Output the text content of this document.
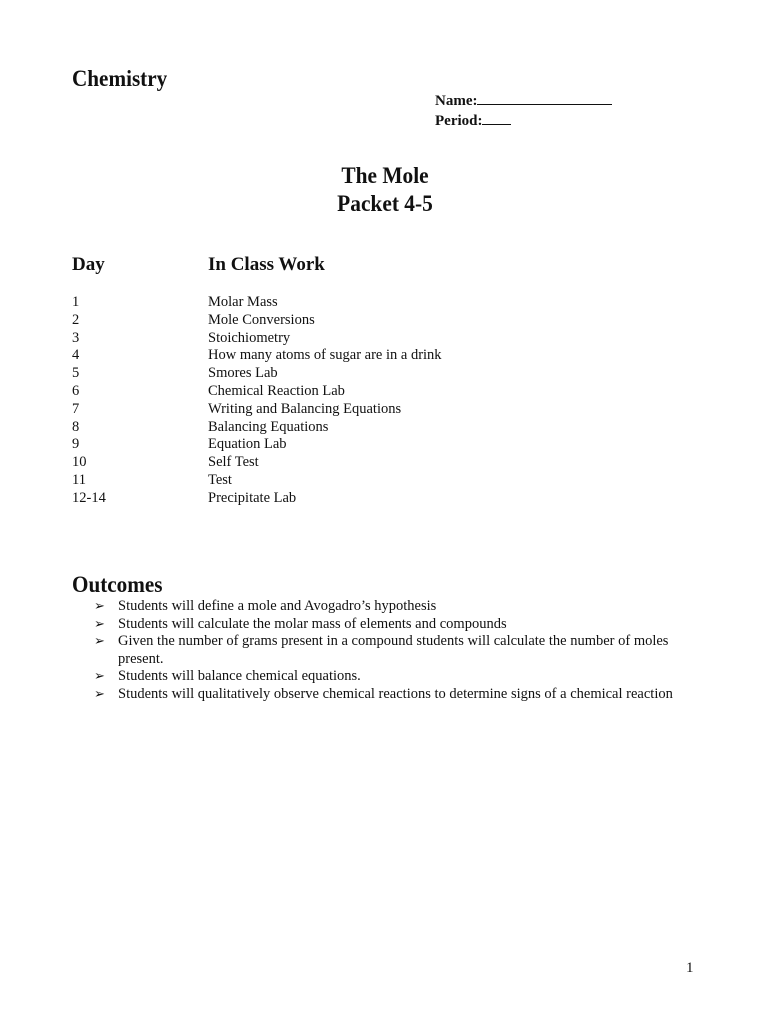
Chemistry
Name:
Period:
The Mole
Packet 4-5
Day	In Class Work
1	Molar Mass
2	Mole Conversions
3	Stoichiometry
4	How many atoms of sugar are in a drink
5	Smores Lab
6	Chemical Reaction Lab
7	Writing and Balancing Equations
8	Balancing Equations
9	Equation Lab
10	Self Test
11	Test
12-14	Precipitate Lab
Outcomes
➢ Students will define a mole and Avogadro’s hypothesis
➢ Students will calculate the molar mass of elements and compounds
➢ Given the number of grams present in a compound students will calculate the number of moles present.
➢ Students will balance chemical equations.
➢ Students will qualitatively observe chemical reactions to determine signs of a chemical reaction
1
